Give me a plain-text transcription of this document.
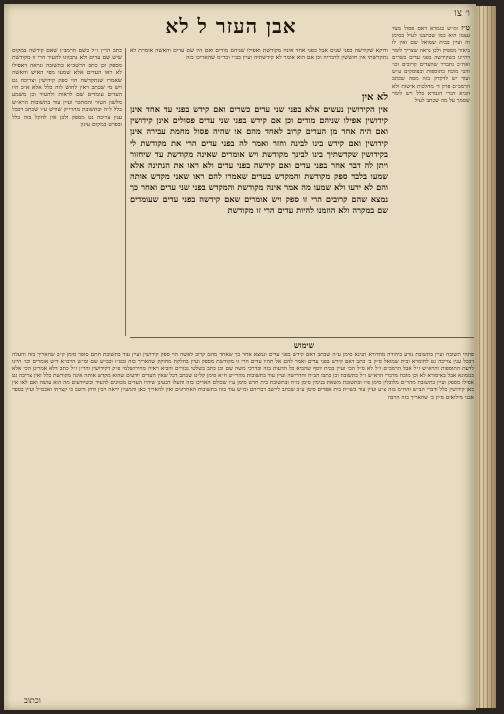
ו׳ צו
אבן העזר ל לא	ט״ז ומ״ש בגמרא דאם פסול מצד עצמו הוא כמו שכתבנו לעיל בסימן זה ועיין בבית שמואל שם ואין לו ביאור מספיק ולכן נראה שצריך לומר דהיינו כשקידשה בפני עדים כשרים ואח״כ נתברר שהעדים קרובים וכו׳ והכי מוכח בתוספות ובפוסקים ע״ש ועוד יש לדקדק בזה ממה שכתב הרמב״ם פרק ד׳ מהלכות אישות ולא הביא דברי הגמרא כלל ויש לומר שסמך על מה שכתב לעיל
כתב הר״ן ז״ל בשם הרמב״ן שאם קידשה במקום שיש שם עדים ולא נתכוונו להעיד הרי זו מקודשת מספק וכן כתב הרשב״א בתשובה ונראה דאפילו לא ראו העדים אלא שמעו מפי האיש והאשה שאמרו שנתקדשה הוי ספק קידושין וצריכה גט ויש מי שכתב דאין לחוש לזה כלל אלא א״כ היו העדים עומדים שם לראות ולהעיד וכן משמע מלשון הטור והמחבר ועיין עוד בתשובות הרא״ש כלל ל״ה ובתשובת מהרי״ק שורש ע״ו שכתב דבכל ענין צריכה גט מספק ולכן אין להקל בזה כלל ובפרט במקום עיגון
ודוקא שקידשה בפני שנים אבל בפני אחד אינה מקודשת ואפילו שניהם מודים ואם היו שם עדים והאשה אומרת לא נתקדשתי אין חוששין לדבריה וכן אם הוא אומר לא קידשתיה ועיין בב״י ובד״מ שהאריכו בזה
לא אין
אין הקידושין נעשים אלא בפני שני עדים כשרים ואם קידש בפני עד אחד אינן קידושין אפילו שניהם מודים וכן אם קידש בפני שני עדים פסולים אינן קידושין ואם היה אחד מן העדים קרוב לאחד מהם או שהיה פסול מחמת עבירה אינן קידושין ואם קידש בינו לבינה וחזר ואמר לה בפני עדים הרי את מקודשת לי בקידושין שקדשתיך בינו לבינך מקודשת ויש אומרים שאינה מקודשת עד שיחזור ויתן לה דבר אחר בפני עדים ואם קידשה בפני עדים ולא ראו את הנתינה אלא שמעו בלבד ספק מקודשת והמקדש בעדים שאמרו להם ראו שאני מקדש אותה והם לא ידעו ולא שמעו מה אמר אינה מקודשת והמקדש בפני שני עדים ואחר כך נמצא שהם קרובים הרי זו ספק ויש אומרים שאם קידשה בפני עדים שעומדים שם במקרה ולא הוזמנו להיות עדים הרי זו מקודשת
שימוש
פתחי תשובה ועיין בתשובת נודע ביהודה מהדורא תנינא סימן ע״ה שכתב דאם קידש בפני עדים ונמצא אחר כך שאחד מהם קרוב לאשה הוי ספק קידושין ועיין עוד בתשובת חתם סופר סימן ק״ב שהאריך בזה והעלה דבכל ענין צריכה גט לחומרא ובית שמואל ס״ק ב׳ כתב דאם קידש בפני עדים ואמר להם אל תהיו עדים הרי זו מקודשת מספק ועיין בחלקת מחוקק שהאריך בזה ובט״ז ובב״ש שם ומ״ש הרמ״א דיש אומרים וכו׳ היינו לדעת התוספות והרא״ש ז״ל אבל הרמב״ם ז״ל לא ס״ל הכי ועיין בבית יוסף שהביא כל הדעות בזה ובדרכי משה שם וכן כתב בשלטי גבורים והביא ראיה מהירושלמי פ״ק דקידושין והר״ן ז״ל כתב דלא אמרינן הכי אלא בממונא אבל באיסורא לא וכן מוכח מדברי הרא״ש ז״ל בתשובה וכן כתבו הב״ח והדרישה ועיין עוד בתשובות מהרי״ט ח״א סימן קל״ט שכתב דכל שאין העדים יודעים שהוא מקדש אותה אינה מקודשת כלל ואין צריכה גט אפילו מספק ועיין בתשובת מהר״ם מלובלין סימן פ״ו ובתשובת משאת בנימין סימן מ״ח ובתשובת בית חדש סימן ע״ו שכולם האריכו בזה והעלו דבעינן שיהיו העדים מכוונים להעיד וכשיודעים מה הוא עושה ואם לאו אין כאן קידושין כלל ודברי הב״ש והח״מ בזה צ״ע ועיין עוד בשו״ת בית אפרים סימן ע״ב שכתב ליישב דבריהם ומ״ש עוד בזה בתשובות האחרונים ואין להאריך כאן והמעיין יראה ויבין ודוק היטב כי קצרתי ואכמ״ל ועיין בספר אבני מילואים ס״ק ב׳ שהאריך בזה הרבה
וכתוב
